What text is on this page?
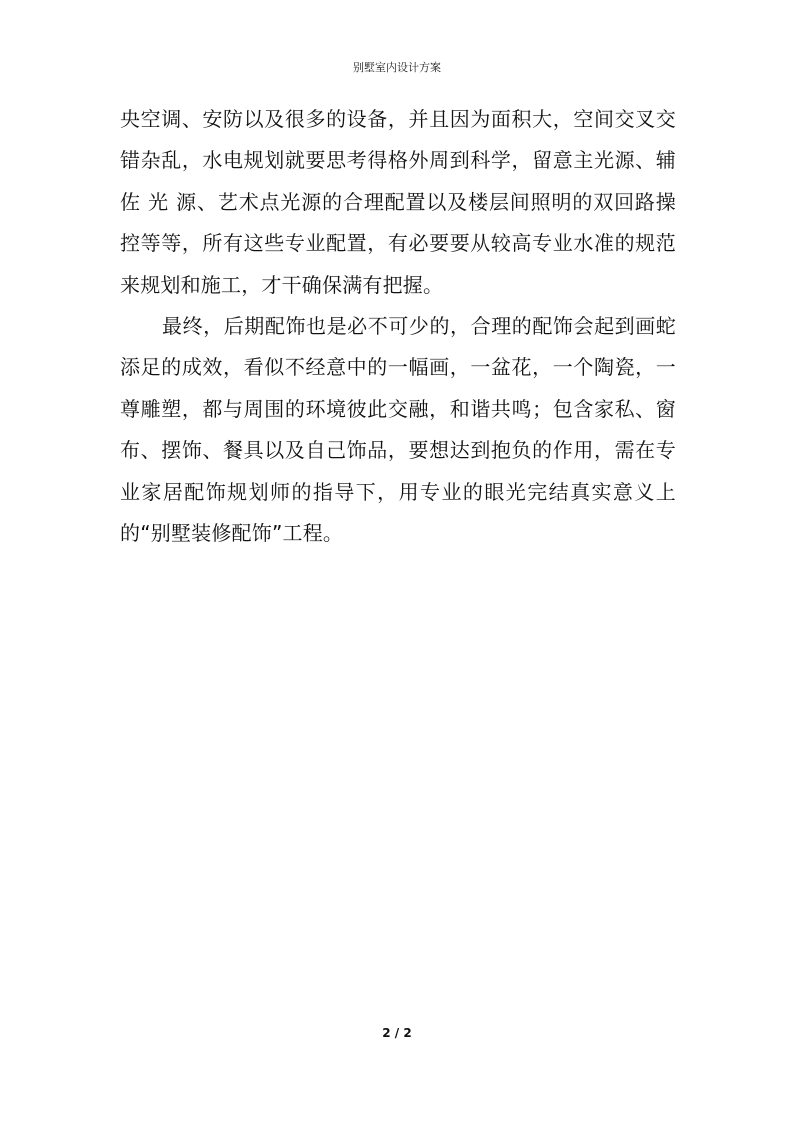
别墅室内设计方案

央空调、安防以及很多的设备，并且因为面积大，空间交叉交错杂乱，水电规划就要思考得格外周到科学，留意主光源、辅佐 光 源、艺术点光源的合理配置以及楼层间照明的双回路操控等等，所有这些专业配置，有必要要从较高专业水准的规范来规划和施工，才干确保满有把握。

最终，后期配饰也是必不可少的，合理的配饰会起到画蛇添足的成效，看似不经意中的一幅画，一盆花，一个陶瓷，一尊雕塑，都与周围的环境彼此交融，和谐共鸣；包含家私、窗布、摆饰、餐具以及自己饰品，要想达到抱负的作用，需在专业家居配饰规划师的指导下，用专业的眼光完结真实意义上的“别墅装修配饰”工程。

2 / 2
